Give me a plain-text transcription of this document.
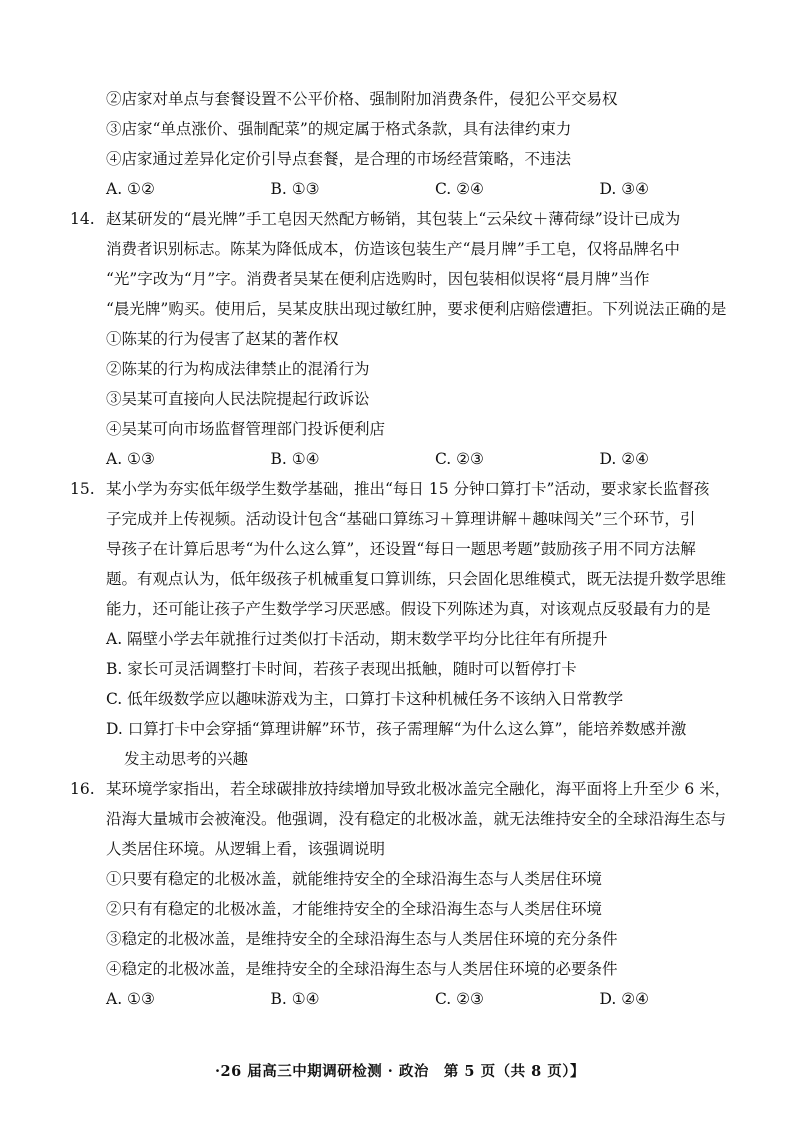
②店家对单点与套餐设置不公平价格、强制附加消费条件，侵犯公平交易权
③店家“单点涨价、强制配菜”的规定属于格式条款，具有法律约束力
④店家通过差异化定价引导点套餐，是合理的市场经营策略，不违法
A. ①②	B. ①③	C. ②④	D. ③④
14. 赵某研发的“晨光牌”手工皂因天然配方畅销，其包装上“云朵纹＋薄荷绿”设计已成为
消费者识别标志。陈某为降低成本，仿造该包装生产“晨月牌”手工皂，仅将品牌名中
“光”字改为“月”字。消费者吴某在便利店选购时，因包装相似误将“晨月牌”当作
“晨光牌”购买。使用后，吴某皮肤出现过敏红肿，要求便利店赔偿遭拒。下列说法正确的是
①陈某的行为侵害了赵某的著作权
②陈某的行为构成法律禁止的混淆行为
③吴某可直接向人民法院提起行政诉讼
④吴某可向市场监督管理部门投诉便利店
A. ①③	B. ①④	C. ②③	D. ②④
15. 某小学为夯实低年级学生数学基础，推出“每日 15 分钟口算打卡”活动，要求家长监督孩
子完成并上传视频。活动设计包含“基础口算练习＋算理讲解＋趣味闯关”三个环节，引
导孩子在计算后思考“为什么这么算”，还设置“每日一题思考题”鼓励孩子用不同方法解
题。有观点认为，低年级孩子机械重复口算训练，只会固化思维模式，既无法提升数学思维
能力，还可能让孩子产生数学学习厌恶感。假设下列陈述为真，对该观点反驳最有力的是
A. 隔壁小学去年就推行过类似打卡活动，期末数学平均分比往年有所提升
B. 家长可灵活调整打卡时间，若孩子表现出抵触，随时可以暂停打卡
C. 低年级数学应以趣味游戏为主，口算打卡这种机械任务不该纳入日常教学
D. 口算打卡中会穿插“算理讲解”环节，孩子需理解“为什么这么算”，能培养数感并激
发主动思考的兴趣
16. 某环境学家指出，若全球碳排放持续增加导致北极冰盖完全融化，海平面将上升至少 6 米，
沿海大量城市会被淹没。他强调，没有稳定的北极冰盖，就无法维持安全的全球沿海生态与
人类居住环境。从逻辑上看，该强调说明
①只要有稳定的北极冰盖，就能维持安全的全球沿海生态与人类居住环境
②只有有稳定的北极冰盖，才能维持安全的全球沿海生态与人类居住环境
③稳定的北极冰盖，是维持安全的全球沿海生态与人类居住环境的充分条件
④稳定的北极冰盖，是维持安全的全球沿海生态与人类居住环境的必要条件
A. ①③	B. ①④	C. ②③	D. ②④
·26 届高三中期调研检测 · 政治　第 5 页（共 8 页）】
